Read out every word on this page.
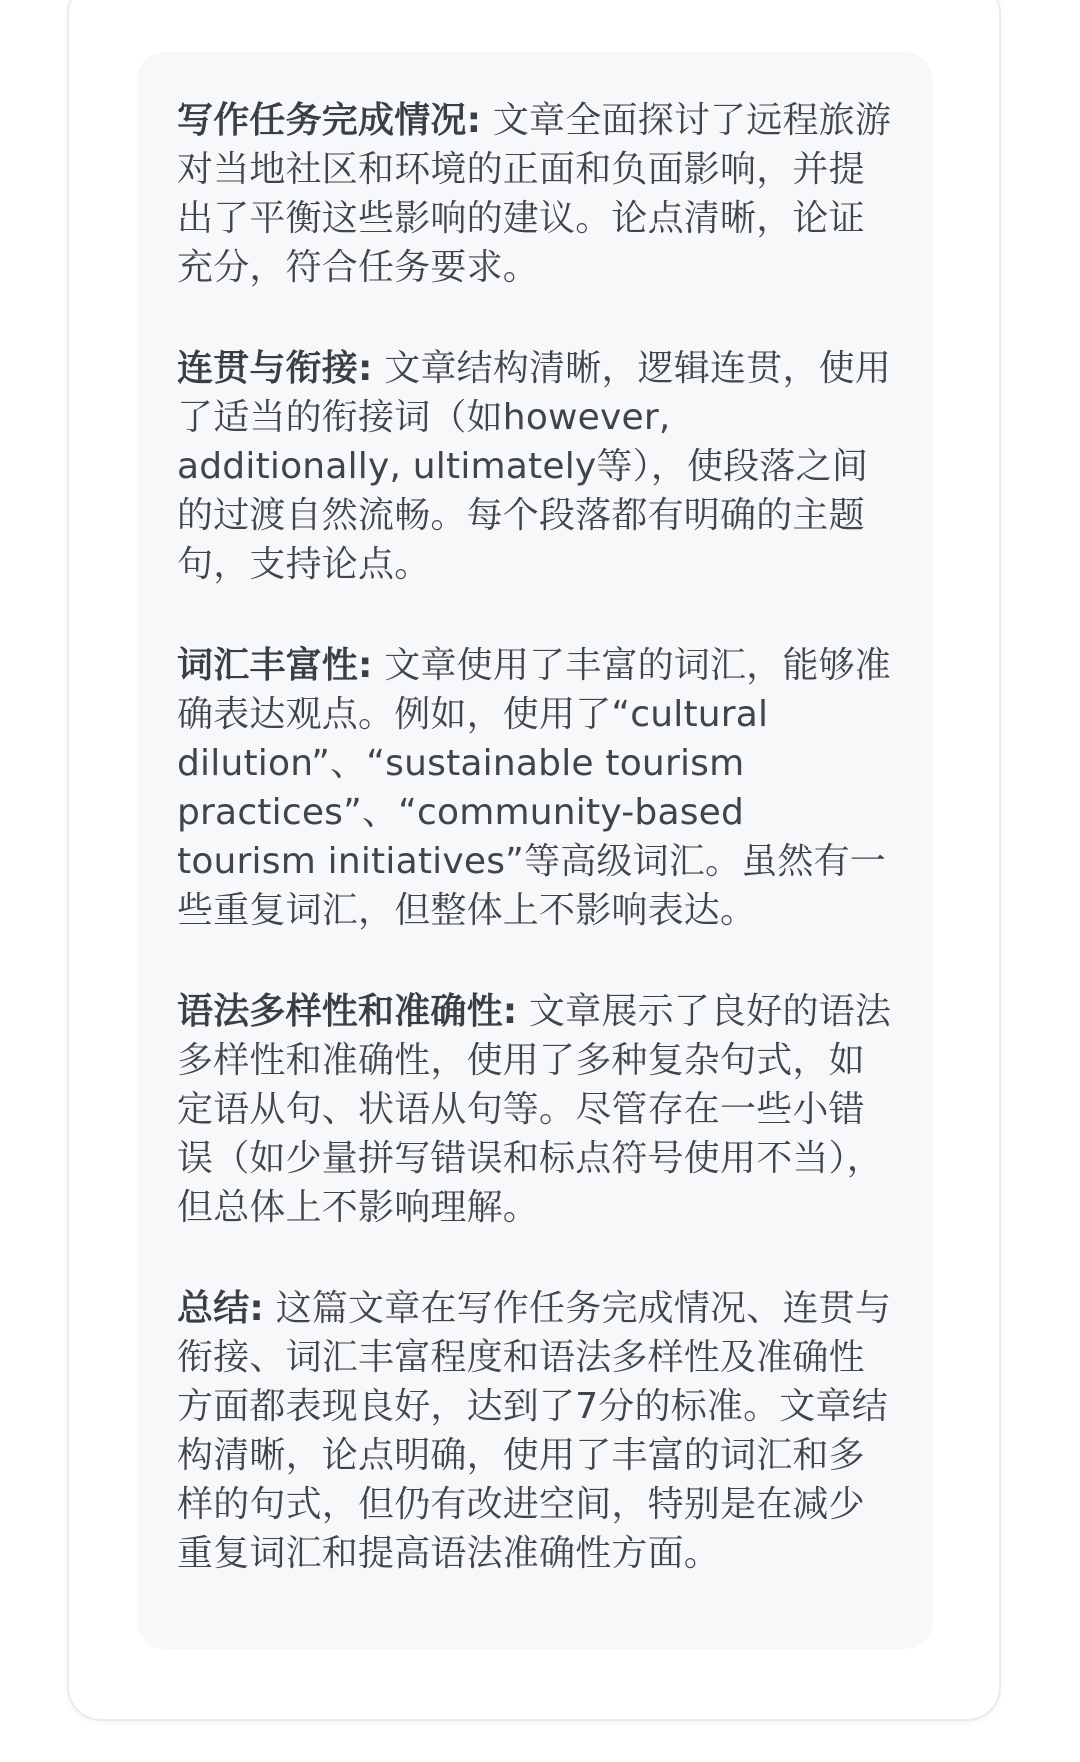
写作任务完成情况: 文章全面探讨了远程旅游对当地社区和环境的正面和负面影响，并提出了平衡这些影响的建议。论点清晰，论证充分，符合任务要求。

连贯与衔接: 文章结构清晰，逻辑连贯，使用了适当的衔接词（如however, additionally, ultimately等），使段落之间的过渡自然流畅。每个段落都有明确的主题句，支持论点。

词汇丰富性: 文章使用了丰富的词汇，能够准确表达观点。例如，使用了“cultural dilution”、“sustainable tourism practices”、“community-based tourism initiatives”等高级词汇。虽然有一些重复词汇，但整体上不影响表达。

语法多样性和准确性: 文章展示了良好的语法多样性和准确性，使用了多种复杂句式，如定语从句、状语从句等。尽管存在一些小错误（如少量拼写错误和标点符号使用不当），但总体上不影响理解。

总结: 这篇文章在写作任务完成情况、连贯与衔接、词汇丰富程度和语法多样性及准确性方面都表现良好，达到了7分的标准。文章结构清晰，论点明确，使用了丰富的词汇和多样的句式，但仍有改进空间，特别是在减少重复词汇和提高语法准确性方面。
